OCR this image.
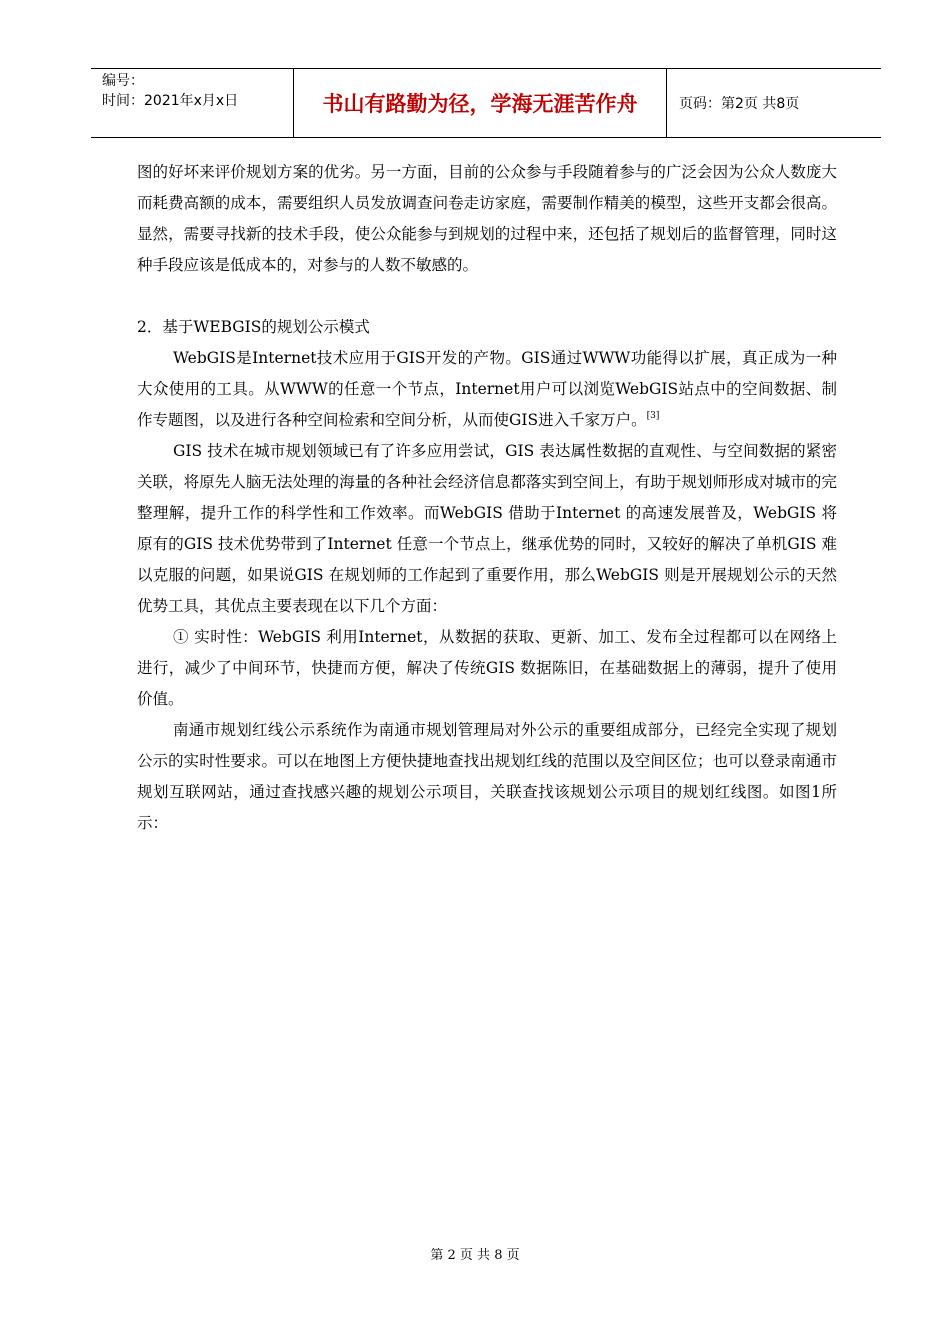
编号：
时间：2021年x月x日	书山有路勤为径，学海无涯苦作舟	页码：第2页 共8页

图的好坏来评价规划方案的优劣。另一方面，目前的公众参与手段随着参与的广泛会因为公众人数庞大而耗费高额的成本，需要组织人员发放调查问卷走访家庭，需要制作精美的模型，这些开支都会很高。显然，需要寻找新的技术手段，使公众能参与到规划的过程中来，还包括了规划后的监督管理，同时这种手段应该是低成本的，对参与的人数不敏感的。

2．基于WEBGIS的规划公示模式

WebGIS是Internet技术应用于GIS开发的产物。GIS通过WWW功能得以扩展，真正成为一种大众使用的工具。从WWW的任意一个节点，Internet用户可以浏览WebGIS站点中的空间数据、制作专题图，以及进行各种空间检索和空间分析，从而使GIS进入千家万户。[3]

GIS 技术在城市规划领域已有了许多应用尝试，GIS 表达属性数据的直观性、与空间数据的紧密关联，将原先人脑无法处理的海量的各种社会经济信息都落实到空间上，有助于规划师形成对城市的完整理解，提升工作的科学性和工作效率。而WebGIS 借助于Internet 的高速发展普及，WebGIS 将原有的GIS 技术优势带到了Internet 任意一个节点上，继承优势的同时，又较好的解决了单机GIS 难以克服的问题，如果说GIS 在规划师的工作起到了重要作用，那么WebGIS 则是开展规划公示的天然优势工具，其优点主要表现在以下几个方面：

① 实时性：WebGIS 利用Internet，从数据的获取、更新、加工、发布全过程都可以在网络上进行，减少了中间环节，快捷而方便，解决了传统GIS 数据陈旧，在基础数据上的薄弱，提升了使用价值。

南通市规划红线公示系统作为南通市规划管理局对外公示的重要组成部分，已经完全实现了规划公示的实时性要求。可以在地图上方便快捷地查找出规划红线的范围以及空间区位；也可以登录南通市规划互联网站，通过查找感兴趣的规划公示项目，关联查找该规划公示项目的规划红线图。如图1所示：

第 2 页 共 8 页
